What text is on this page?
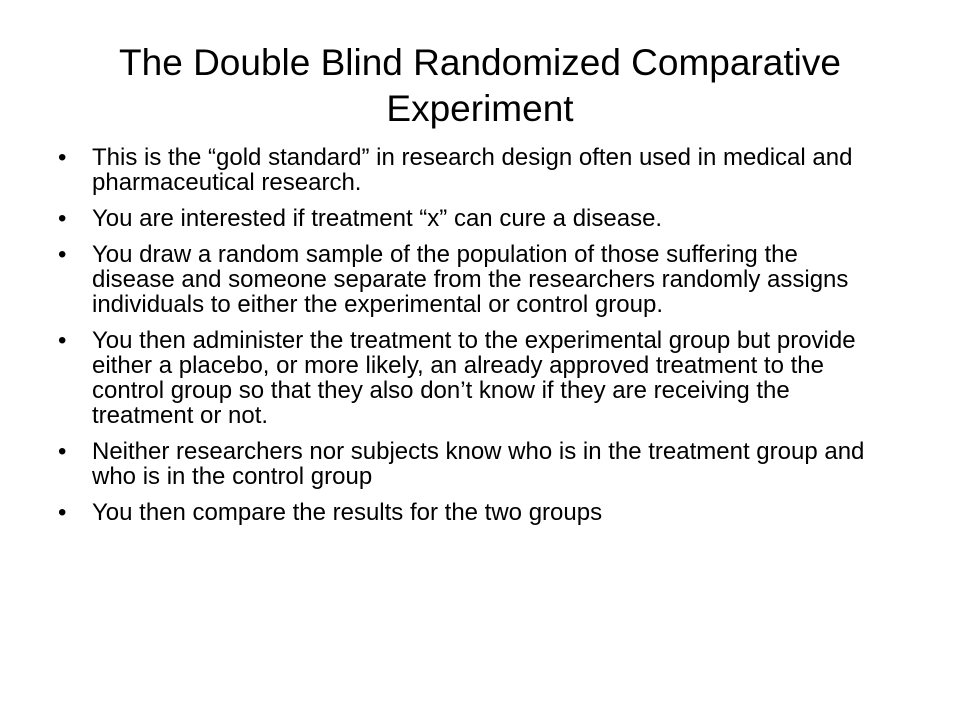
The Double Blind Randomized Comparative Experiment
•	This is the “gold standard” in research design often used in medical and pharmaceutical research.
•	You are interested if treatment “x” can cure a disease.
•	You draw a random sample of the population of those suffering the disease and someone separate from the researchers randomly assigns individuals to either the experimental or control group.
•	You then administer the treatment to the experimental group but provide either a placebo, or more likely, an already approved treatment to the control group so that they also don’t know if they are receiving the treatment or not.
•	Neither researchers nor subjects know who is in the treatment group and who is in the control group
•	You then compare the results for the two groups
